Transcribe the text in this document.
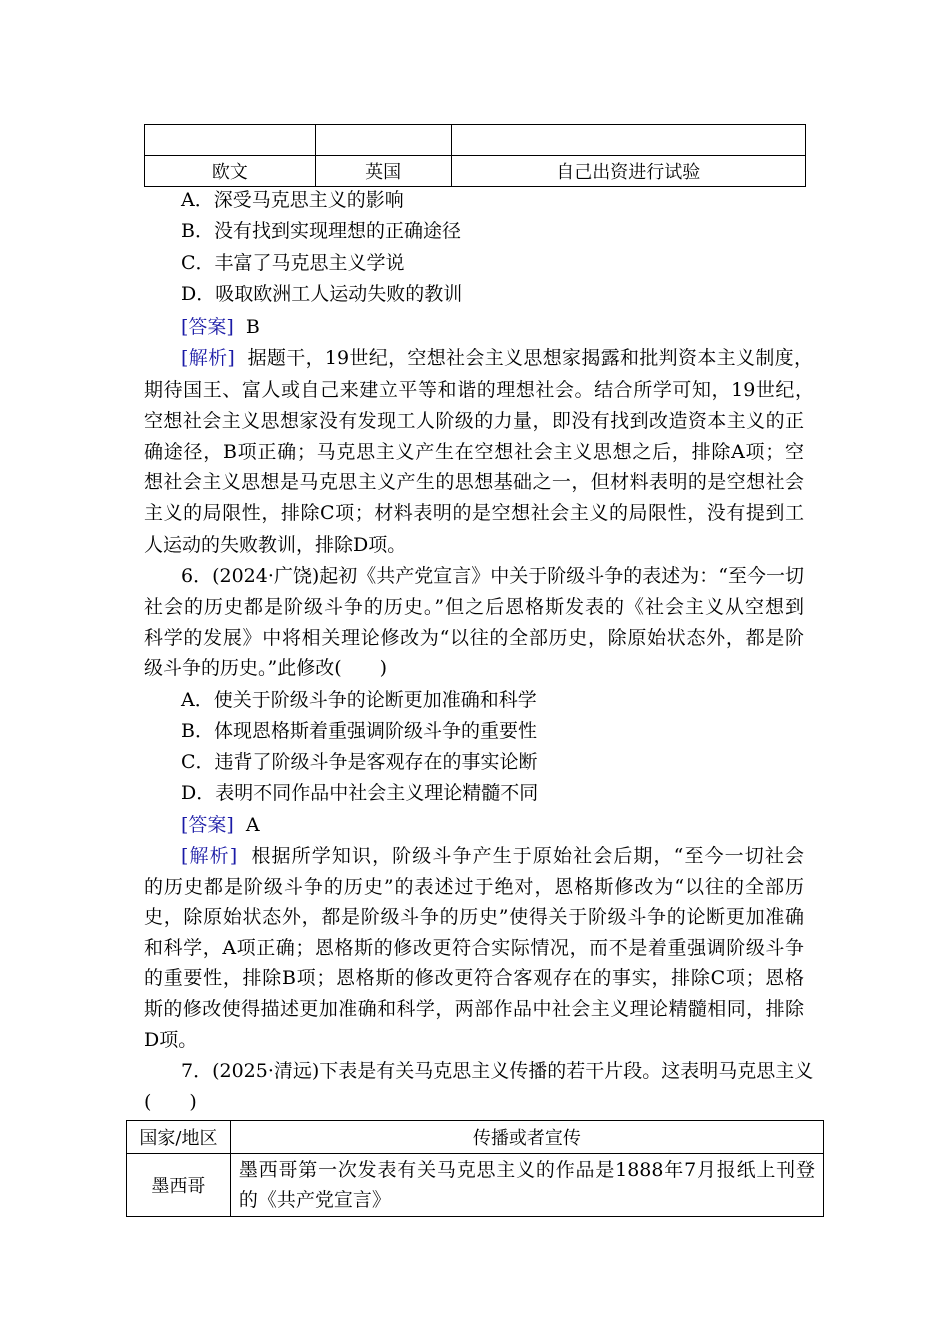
欧文	英国	自己出资进行试验
A．深受马克思主义的影响
B．没有找到实现理想的正确途径
C．丰富了马克思主义学说
D．吸取欧洲工人运动失败的教训
[答案] B
[解析] 据题干，19世纪，空想社会主义思想家揭露和批判资本主义制度，
期待国王、富人或自己来建立平等和谐的理想社会。结合所学可知，19世纪，
空想社会主义思想家没有发现工人阶级的力量，即没有找到改造资本主义的正
确途径，B项正确；马克思主义产生在空想社会主义思想之后，排除A项；空
想社会主义思想是马克思主义产生的思想基础之一，但材料表明的是空想社会
主义的局限性，排除C项；材料表明的是空想社会主义的局限性，没有提到工
人运动的失败教训，排除D项。
6．(2024·广饶)起初《共产党宣言》中关于阶级斗争的表述为：“至今一切
社会的历史都是阶级斗争的历史。”但之后恩格斯发表的《社会主义从空想到
科学的发展》中将相关理论修改为“以往的全部历史，除原始状态外，都是阶
级斗争的历史。”此修改(　　)
A．使关于阶级斗争的论断更加准确和科学
B．体现恩格斯着重强调阶级斗争的重要性
C．违背了阶级斗争是客观存在的事实论断
D．表明不同作品中社会主义理论精髓不同
[答案] A
[解析] 根据所学知识，阶级斗争产生于原始社会后期，“至今一切社会
的历史都是阶级斗争的历史”的表述过于绝对，恩格斯修改为“以往的全部历
史，除原始状态外，都是阶级斗争的历史”使得关于阶级斗争的论断更加准确
和科学，A项正确；恩格斯的修改更符合实际情况，而不是着重强调阶级斗争
的重要性，排除B项；恩格斯的修改更符合客观存在的事实，排除C项；恩格
斯的修改使得描述更加准确和科学，两部作品中社会主义理论精髓相同，排除
D项。
7．(2025·清远)下表是有关马克思主义传播的若干片段。这表明马克思主义
(　　)
国家/地区	传播或者宣传
墨西哥	墨西哥第一次发表有关马克思主义的作品是1888年7月报纸上刊登
的《共产党宣言》
